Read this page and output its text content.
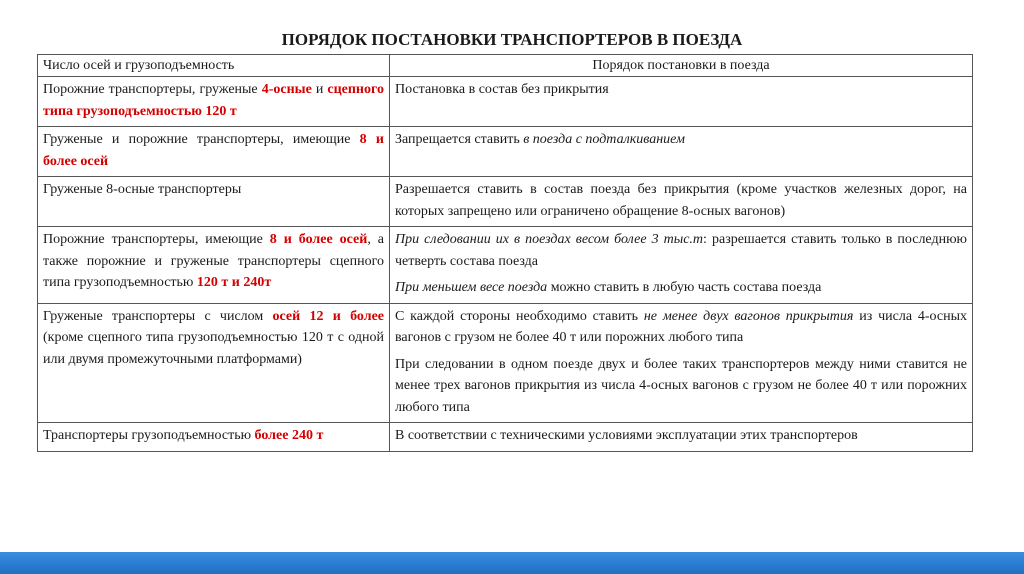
ПОРЯДОК ПОСТАНОВКИ ТРАНСПОРТЕРОВ В ПОЕЗДА
Число осей и грузоподъемность	Порядок постановки в поезда
Порожние транспортеры, груженые 4-осные и сцепного типа грузоподъемностью 120 т	Постановка в состав без прикрытия

Груженые и порожние транспортеры, имеющие 8 и более осей	Запрещается ставить в поезда с подталкиванием

Груженые 8-осные транспортеры	Разрешается ставить в состав поезда без прикрытия (кроме участков железных дорог, на которых запрещено или ограничено обращение 8-осных вагонов)

Порожние транспортеры, имеющие 8 и более осей, а также порожние и груженые транспортеры сцепного типа грузоподъемностью 120 т и 240т	При следовании их в поездах весом более 3 тыс.т: разрешается ставить только в последнюю четверть состава поезда
При меньшем весе поезда можно ставить в любую часть состава поезда

Груженые транспортеры с числом осей 12 и более (кроме сцепного типа грузоподъемностью 120 т с одной или двумя промежуточными платформами)	С каждой стороны необходимо ставить не менее двух вагонов прикрытия из числа 4-осных вагонов с грузом не более 40 т или порожних любого типа
При следовании в одном поезде двух и более таких транспортеров между ними ставится не менее трех вагонов прикрытия из числа 4-осных вагонов с грузом не более 40 т или порожних любого типа

Транспортеры грузоподъемностью более 240 т	В соответствии с техническими условиями эксплуатации этих транспортеров
